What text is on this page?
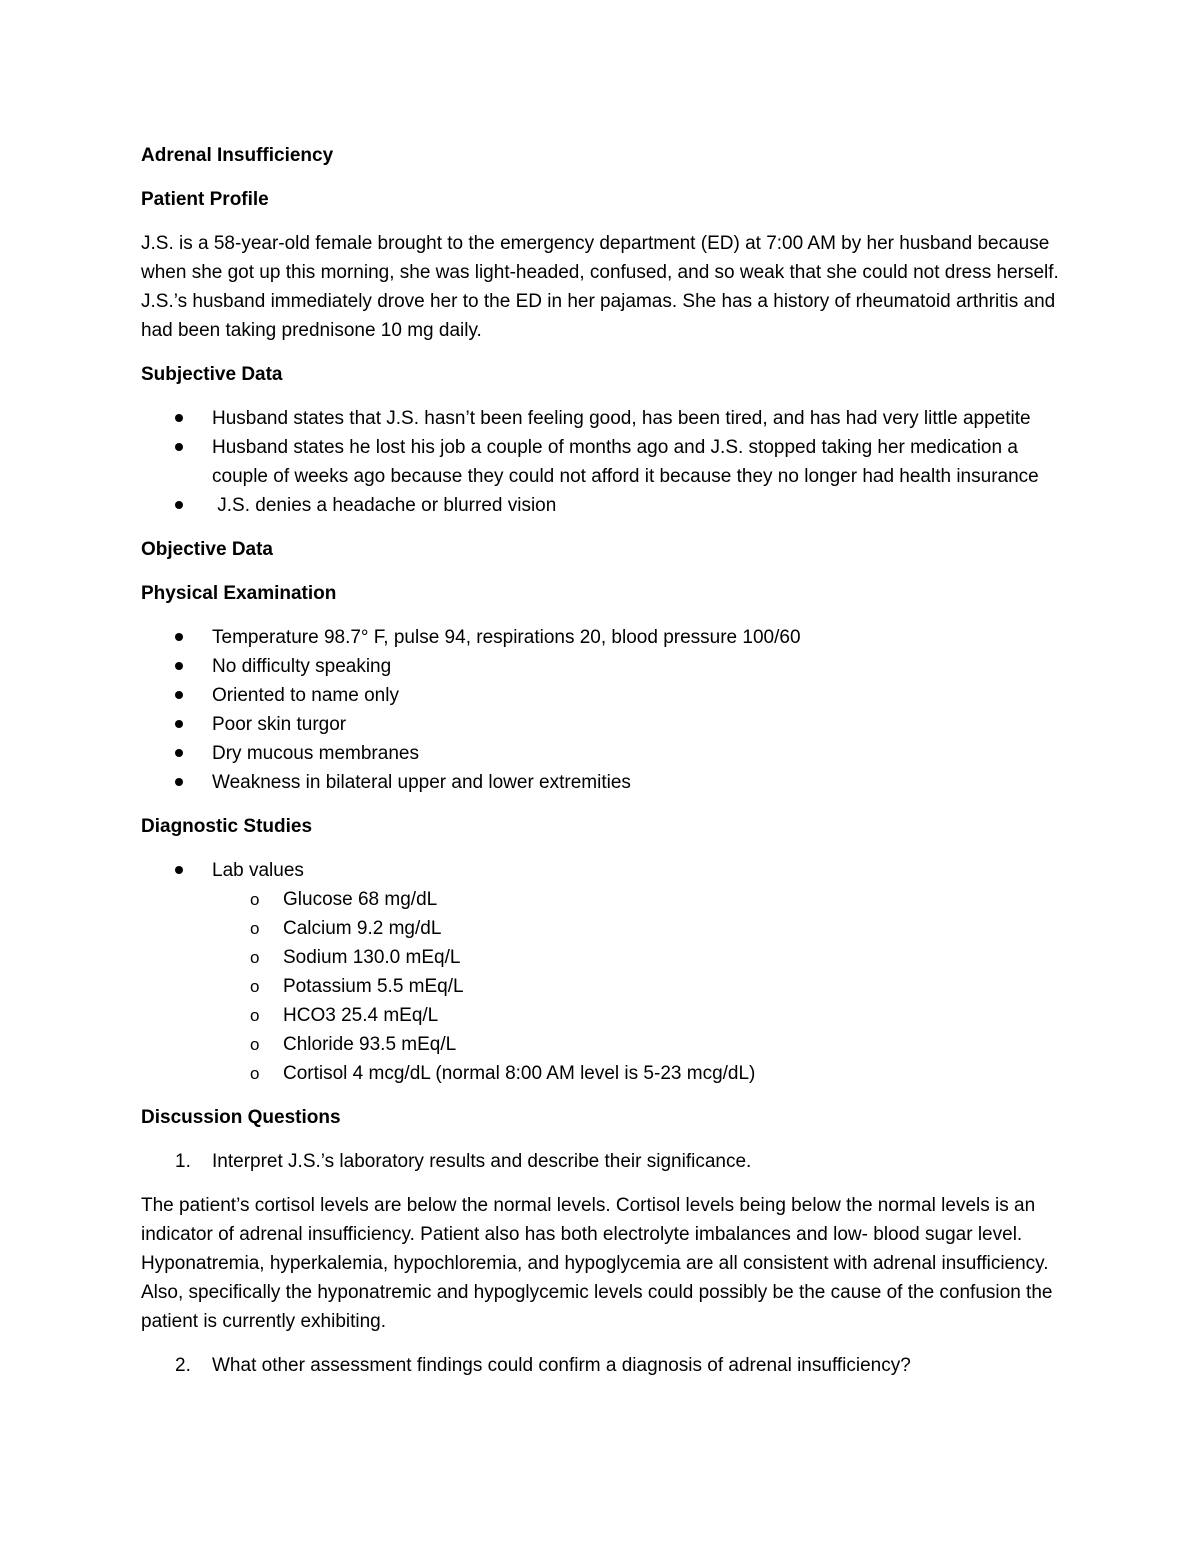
Adrenal Insufficiency
Patient Profile
J.S. is a 58-year-old female brought to the emergency department (ED) at 7:00 AM by her husband because when she got up this morning, she was light-headed, confused, and so weak that she could not dress herself. J.S.’s husband immediately drove her to the ED in her pajamas. She has a history of rheumatoid arthritis and had been taking prednisone 10 mg daily.
Subjective Data
Husband states that J.S. hasn’t been feeling good, has been tired, and has had very little appetite
Husband states he lost his job a couple of months ago and J.S. stopped taking her medication a couple of weeks ago because they could not afford it because they no longer had health insurance
J.S. denies a headache or blurred vision
Objective Data
Physical Examination
Temperature 98.7° F, pulse 94, respirations 20, blood pressure 100/60
No difficulty speaking
Oriented to name only
Poor skin turgor
Dry mucous membranes
Weakness in bilateral upper and lower extremities
Diagnostic Studies
Lab values
o Glucose 68 mg/dL
o Calcium 9.2 mg/dL
o Sodium 130.0 mEq/L
o Potassium 5.5 mEq/L
o HCO3 25.4 mEq/L
o Chloride 93.5 mEq/L
o Cortisol 4 mcg/dL (normal 8:00 AM level is 5-23 mcg/dL)
Discussion Questions
1. Interpret J.S.’s laboratory results and describe their significance.
The patient’s cortisol levels are below the normal levels. Cortisol levels being below the normal levels is an indicator of adrenal insufficiency. Patient also has both electrolyte imbalances and low- blood sugar level. Hyponatremia, hyperkalemia, hypochloremia, and hypoglycemia are all consistent with adrenal insufficiency. Also, specifically the hyponatremic and hypoglycemic levels could possibly be the cause of the confusion the patient is currently exhibiting.
2. What other assessment findings could confirm a diagnosis of adrenal insufficiency?
